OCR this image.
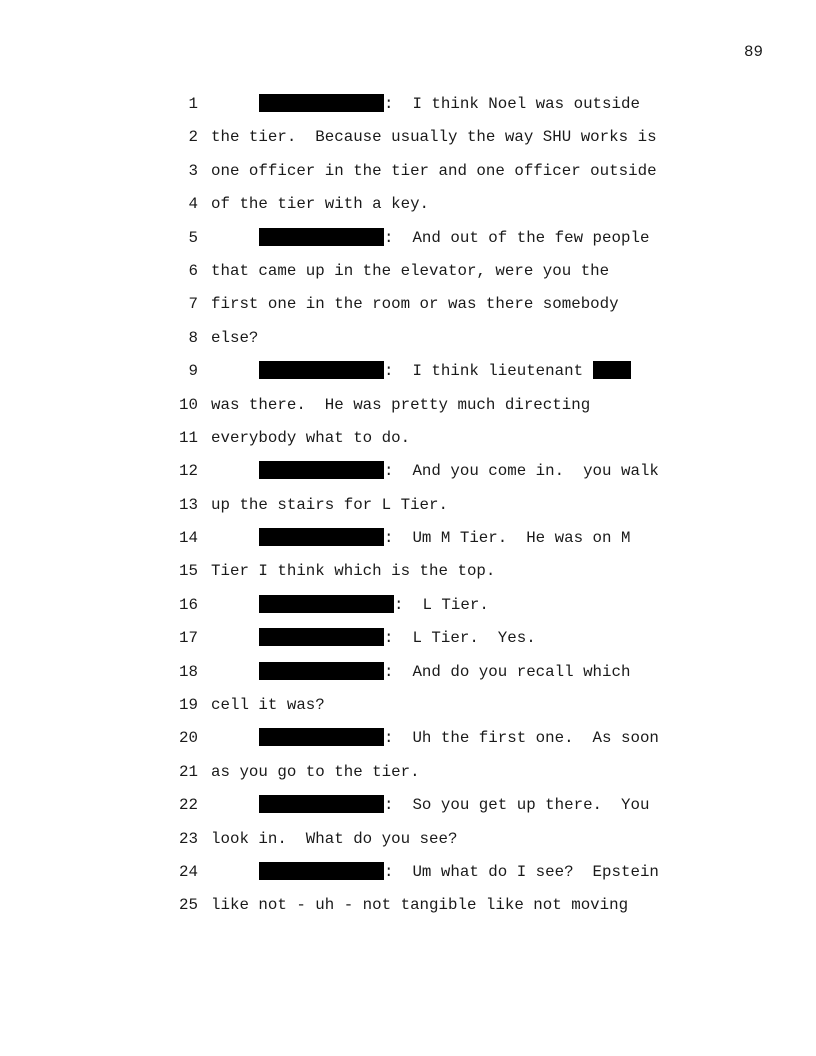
89

1

	:  I think Noel was outside

2

the tier.  Because usually the way SHU works is

3

one officer in the tier and one officer outside

4

of the tier with a key.

5

	:  And out of the few people

6

that came up in the elevator, were you the

7

first one in the room or was there somebody

8

else?

9

	:  I think lieutenant

10

was there.  He was pretty much directing

11

everybody what to do.

12

	:  And you come in.  you walk

13

up the stairs for L Tier.

14

	:  Um M Tier.  He was on M

15

Tier I think which is the top.

16

	:  L Tier.

17

	:  L Tier.  Yes.

18

	:  And do you recall which

19

cell it was?

20

	:  Uh the first one.  As soon

21

as you go to the tier.

22

	:  So you get up there.  You

23

look in.  What do you see?

24

	:  Um what do I see?  Epstein

25

like not - uh - not tangible like not moving
